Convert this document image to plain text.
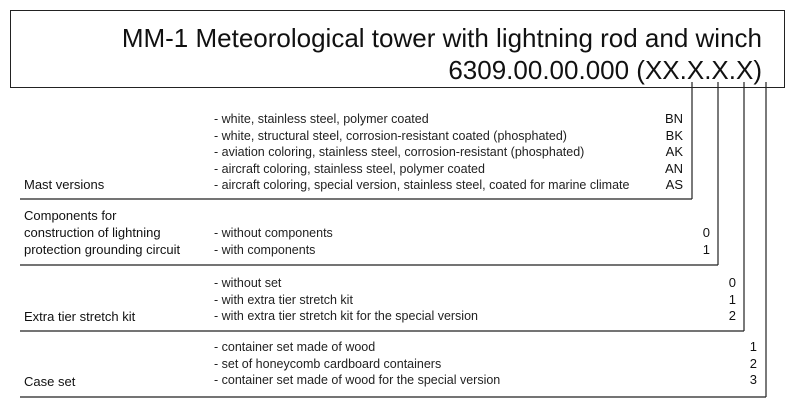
MM-1 Meteorological tower with lightning rod and winch
6309.00.00.000 (XX.X.X.X)
Mast versions
- white, stainless steel, polymer coated
- white, structural steel, corrosion-resistant coated (phosphated)
- aviation coloring, stainless steel, corrosion-resistant (phosphated)
- aircraft coloring, stainless steel, polymer coated
- aircraft coloring, special version, stainless steel, coated for marine climate
BN
BK
AK
AN
AS
Components for
construction of lightning
protection grounding circuit
- without components
- with components
0
1
Extra tier stretch kit
- without set
- with extra tier stretch kit
- with extra tier stretch kit for the special version
0
1
2
Case set
- container set made of wood
- set of honeycomb cardboard containers
- container set made of wood for the special version
1
2
3
